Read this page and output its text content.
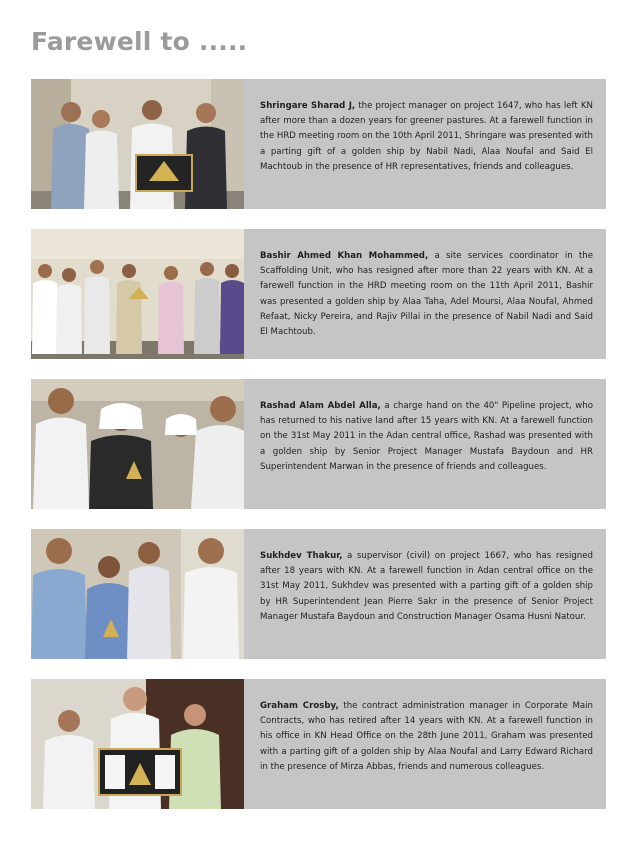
Farewell to .....

Shringare Sharad J, the project manager on project 1647, who has left KN after more than a dozen years for greener pastures. At a farewell function in the HRD meeting room on the 10th April 2011, Shringare was presented with a parting gift of a golden ship by Nabil Nadi, Alaa Noufal and Said El Machtoub in the presence of HR representatives, friends and colleagues.

Bashir Ahmed Khan Mohammed, a site services coordinator in the Scaffolding Unit, who has resigned after more than 22 years with KN. At a farewell function in the HRD meeting room on the 11th April 2011, Bashir was presented a golden ship by Alaa Taha, Adel Moursi, Alaa Noufal, Ahmed Refaat, Nicky Pereira, and Rajiv Pillai in the presence of Nabil Nadi and Said El Machtoub.

Rashad Alam Abdel Alla, a charge hand on the 40" Pipeline project, who has returned to his native land after 15 years with KN. At a farewell function on the 31st May 2011 in the Adan central office, Rashad was presented with a golden ship by Senior Project Manager Mustafa Baydoun and HR Superintendent Marwan in the presence of friends and colleagues.

Sukhdev Thakur, a supervisor (civil) on project 1667, who has resigned after 18 years with KN. At a farewell function in Adan central office on the 31st May 2011, Sukhdev was presented with a parting gift of a golden ship by HR Superintendent Jean Pierre Sakr in the presence of Senior Project Manager Mustafa Baydoun and Construction Manager Osama Husni Natour.

Graham Crosby, the contract administration manager in Corporate Main Contracts, who has retired after 14 years with KN. At a farewell function in his office in KN Head Office on the 28th June 2011, Graham was presented with a parting gift of a golden ship by Alaa Noufal and Larry Edward Richard in the presence of Mirza Abbas, friends and numerous colleagues.
